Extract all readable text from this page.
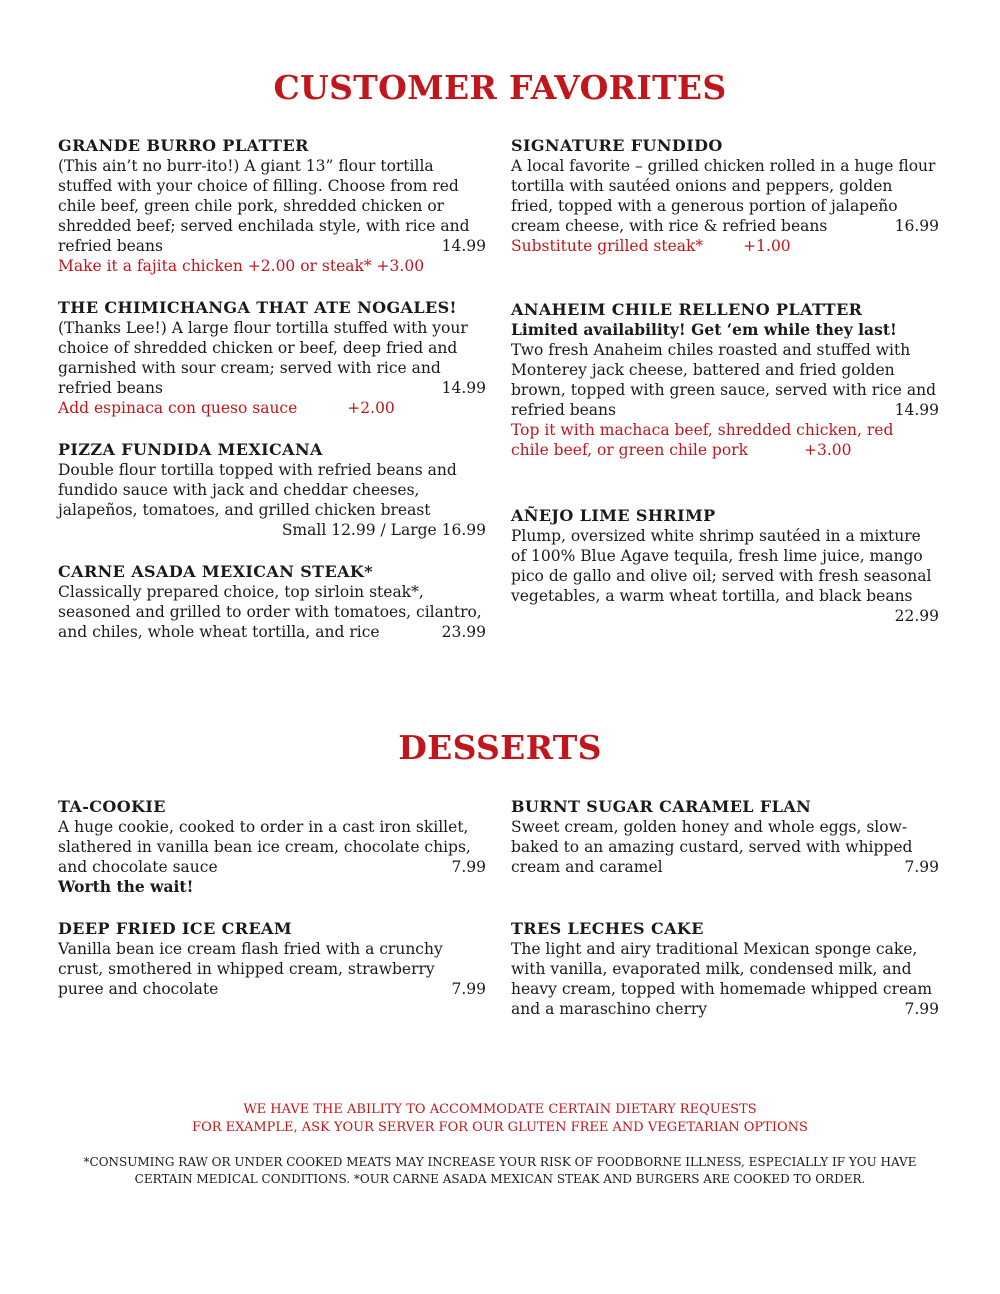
CUSTOMER FAVORITES

GRANDE BURRO PLATTER

(This ain’t no burr-ito!) A giant 13” flour tortilla

stuffed with your choice of filling. Choose from red

chile beef, green chile pork, shredded chicken or

shredded beef; served enchilada style, with rice and

refried beans	14.99

Make it a fajita chicken +2.00 or steak* +3.00

THE CHIMICHANGA THAT ATE NOGALES!

(Thanks Lee!) A large flour tortilla stuffed with your

choice of shredded chicken or beef, deep fried and

garnished with sour cream; served with rice and

refried beans	14.99

Add espinaca con queso sauce	+2.00

PIZZA FUNDIDA MEXICANA

Double flour tortilla topped with refried beans and

fundido sauce with jack and cheddar cheeses,

jalapeños, tomatoes, and grilled chicken breast

Small 12.99 / Large 16.99

CARNE ASADA MEXICAN STEAK*

Classically prepared choice, top sirloin steak*,

seasoned and grilled to order with tomatoes, cilantro,

and chiles, whole wheat tortilla, and rice	23.99

SIGNATURE FUNDIDO

A local favorite – grilled chicken rolled in a huge flour

tortilla with sautéed onions and peppers, golden

fried, topped with a generous portion of jalapeño

cream cheese, with rice & refried beans	16.99

Substitute grilled steak*	+1.00

ANAHEIM CHILE RELLENO PLATTER

Limited availability! Get ‘em while they last!

Two fresh Anaheim chiles roasted and stuffed with

Monterey jack cheese, battered and fried golden

brown, topped with green sauce, served with rice and

refried beans	14.99

Top it with machaca beef, shredded chicken, red

chile beef, or green chile pork	+3.00

AÑEJO LIME SHRIMP

Plump, oversized white shrimp sautéed in a mixture

of 100% Blue Agave tequila, fresh lime juice, mango

pico de gallo and olive oil; served with fresh seasonal

vegetables, a warm wheat tortilla, and black beans

22.99

DESSERTS

TA-COOKIE

A huge cookie, cooked to order in a cast iron skillet,

slathered in vanilla bean ice cream, chocolate chips,

and chocolate sauce	7.99

Worth the wait!

DEEP FRIED ICE CREAM

Vanilla bean ice cream flash fried with a crunchy

crust, smothered in whipped cream, strawberry

puree and chocolate	7.99

BURNT SUGAR CARAMEL FLAN

Sweet cream, golden honey and whole eggs, slow-

baked to an amazing custard, served with whipped

cream and caramel	7.99

TRES LECHES CAKE

The light and airy traditional Mexican sponge cake,

with vanilla, evaporated milk, condensed milk, and

heavy cream, topped with homemade whipped cream

and a maraschino cherry	7.99

WE HAVE THE ABILITY TO ACCOMMODATE CERTAIN DIETARY REQUESTS

FOR EXAMPLE, ASK YOUR SERVER FOR OUR GLUTEN FREE AND VEGETARIAN OPTIONS

*CONSUMING RAW OR UNDER COOKED MEATS MAY INCREASE YOUR RISK OF FOODBORNE ILLNESS, ESPECIALLY IF YOU HAVE

CERTAIN MEDICAL CONDITIONS. *OUR CARNE ASADA MEXICAN STEAK AND BURGERS ARE COOKED TO ORDER.
